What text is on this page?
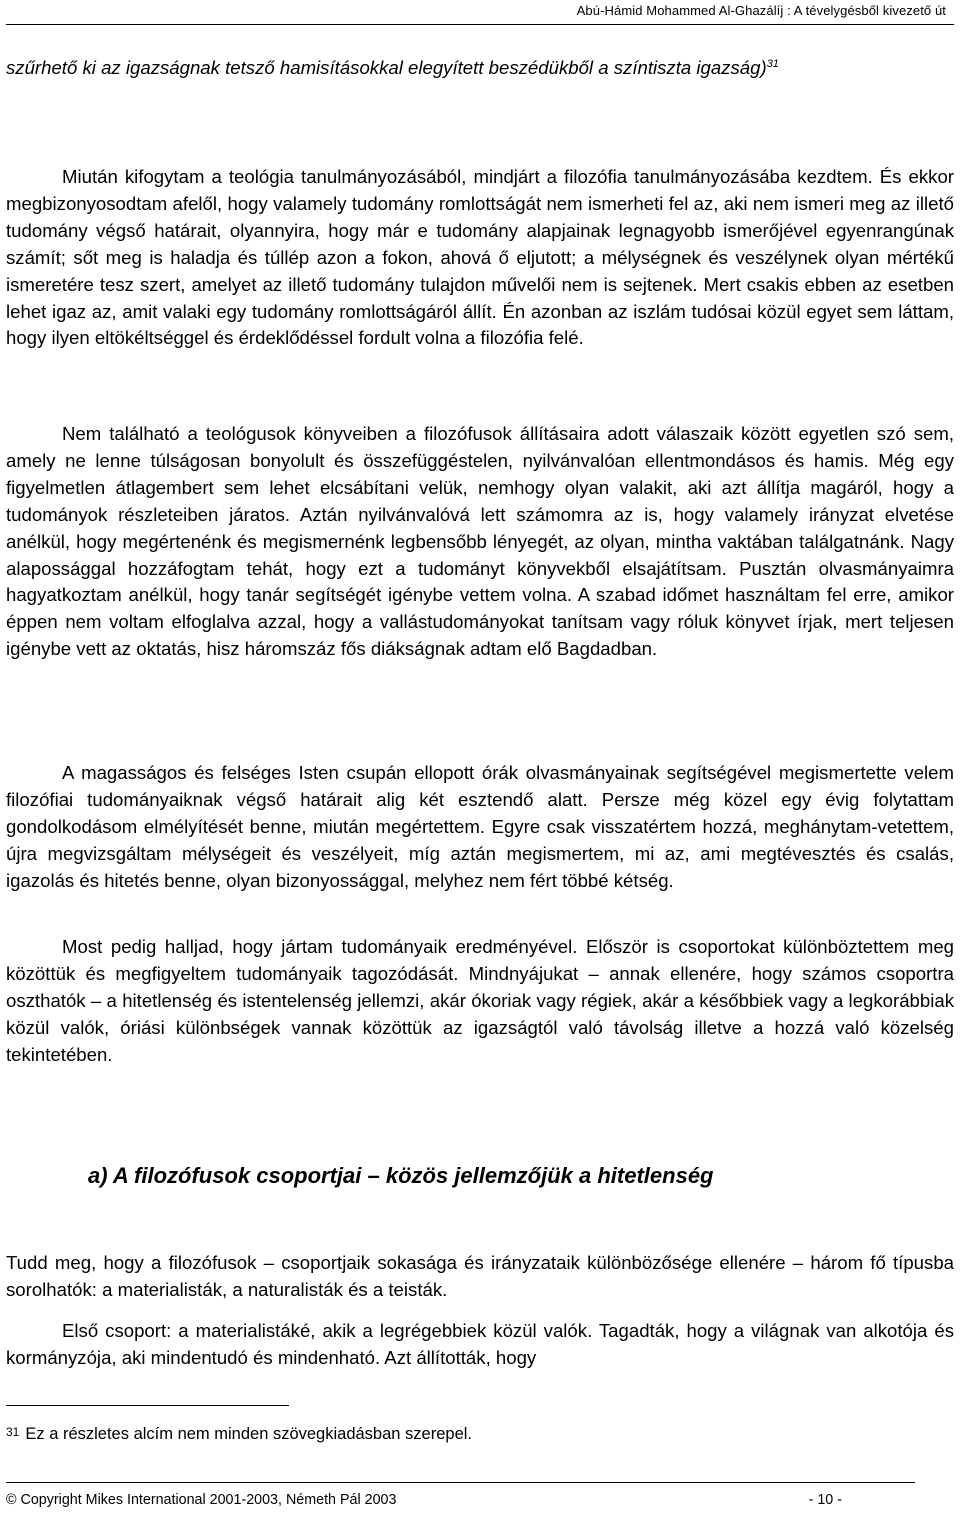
Abú-Hámid Mohammed Al-Ghazálíj : A tévelygésből kivezető út
szűrhető ki az igazságnak tetsző hamisításokkal elegyített beszédükből a színtiszta igazság)$^{31}$

Miután kifogytam a teológia tanulmányozásából, mindjárt a filozófia tanulmányozásába kezdtem. És ekkor megbizonyosodtam afelől, hogy valamely tudomány romlottságát nem ismerheti fel az, aki nem ismeri meg az illető tudomány végső határait, olyannyira, hogy már e tudomány alapjainak legnagyobb ismerőjével egyenrangúnak számít; sőt meg is haladja és túllép azon a fokon, ahová ő eljutott; a mélységnek és veszélynek olyan mértékű ismeretére tesz szert, amelyet az illető tudomány tulajdon művelői nem is sejtenek. Mert csakis ebben az esetben lehet igaz az, amit valaki egy tudomány romlottságáról állít. Én azonban az iszlám tudósai közül egyet sem láttam, hogy ilyen eltökéltséggel és érdeklődéssel fordult volna a filozófia felé.

Nem található a teológusok könyveiben a filozófusok állításaira adott válaszaik között egyetlen szó sem, amely ne lenne túlságosan bonyolult és összefüggéstelen, nyilvánvalóan ellentmondásos és hamis. Még egy figyelmetlen átlagembert sem lehet elcsábítani velük, nemhogy olyan valakit, aki azt állítja magáról, hogy a tudományok részleteiben járatos. Aztán nyilvánvalóvá lett számomra az is, hogy valamely irányzat elvetése anélkül, hogy megértenénk és megismernénk legbensőbb lényegét, az olyan, mintha vaktában találgatnánk. Nagy alapossággal hozzáfogtam tehát, hogy ezt a tudományt könyvekből elsajátítsam. Pusztán olvasmányaimra hagyatkoztam anélkül, hogy tanár segítségét igénybe vettem volna. A szabad időmet használtam fel erre, amikor éppen nem voltam elfoglalva azzal, hogy a vallástudományokat tanítsam vagy róluk könyvet írjak, mert teljesen igénybe vett az oktatás, hisz háromszáz fős diákságnak adtam elő Bagdadban.

A magasságos és felséges Isten csupán ellopott órák olvasmányainak segítségével megismertette velem filozófiai tudományaiknak végső határait alig két esztendő alatt. Persze még közel egy évig folytattam gondolkodásom elmélyítését benne, miután megértettem. Egyre csak visszatértem hozzá, meghánytam-vetettem, újra megvizsgáltam mélységeit és veszélyeit, míg aztán megismertem, mi az, ami megtévesztés és csalás, igazolás és hitetés benne, olyan bizonyossággal, melyhez nem fért többé kétség.

Most pedig halljad, hogy jártam tudományaik eredményével. Először is csoportokat különböztettem meg közöttük és megfigyeltem tudományaik tagozódását. Mindnyájukat – annak ellenére, hogy számos csoportra oszthatók – a hitetlenség és istentelenség jellemzi, akár ókoriak vagy régiek, akár a későbbiek vagy a legkorábbiak közül valók, óriási különbségek vannak közöttük az igazságtól való távolság illetve a hozzá való közelség tekintetében.

a) A filozófusok csoportjai – közös jellemzőjük a hitetlenség

Tudd meg, hogy a filozófusok – csoportjaik sokasága és irányzataik különbözősége ellenére – három fő típusba sorolhatók: a materialisták, a naturalisták és a teisták.

Első csoport: a materialistáké, akik a legrégebbiek közül valók. Tagadták, hogy a világnak van alkotója és kormányzója, aki mindentudó és mindenható. Azt állították, hogy

$^{31}$ Ez a részletes alcím nem minden szövegkiadásban szerepel.
© Copyright Mikes International 2001-2003, Németh Pál 2003	- 10 -
